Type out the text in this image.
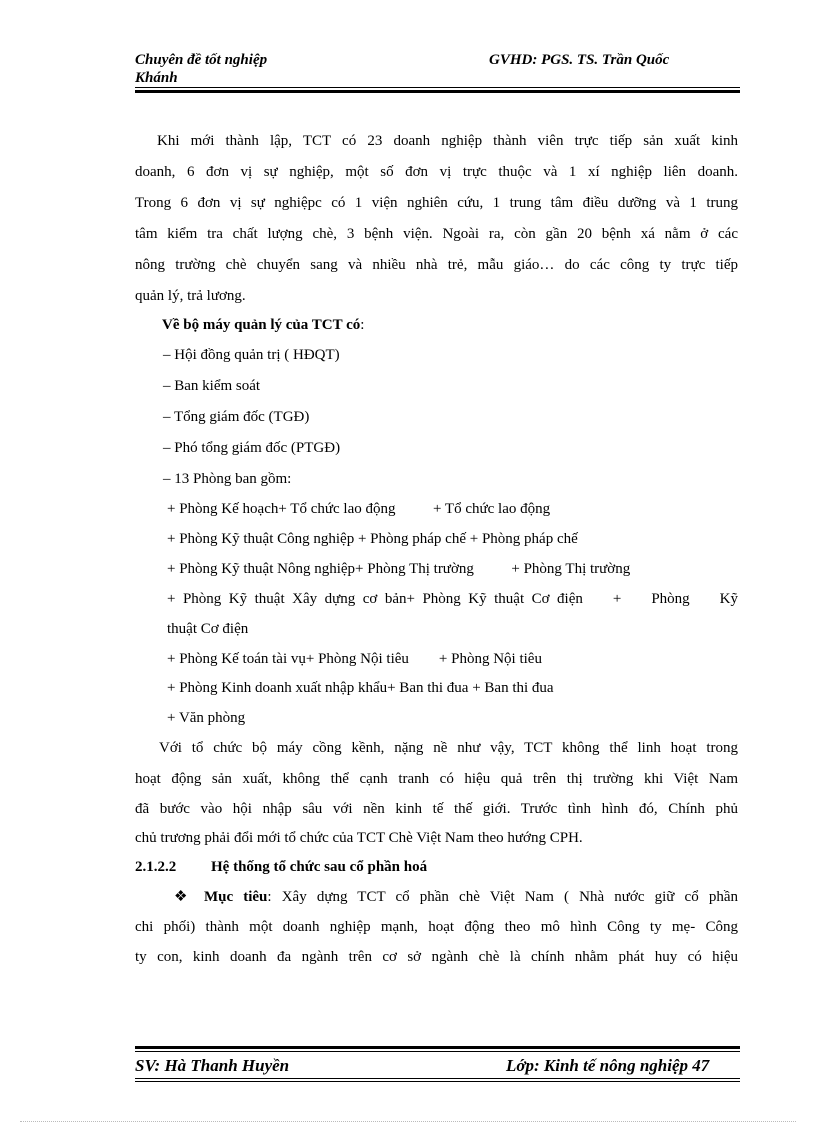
Chuyên đề tốt nghiệp	GVHD: PGS. TS. Trần Quốc
Khánh
Khi mới thành lập, TCT có 23 doanh nghiệp thành viên trực tiếp sản xuất kinh
doanh, 6 đơn vị sự nghiệp, một số đơn vị trực thuộc và 1 xí nghiệp liên doanh.
Trong 6 đơn vị sự nghiệpc có 1 viện nghiên cứu, 1 trung tâm điều dưỡng và 1 trung
tâm kiểm tra chất lượng chè, 3 bệnh viện. Ngoài ra, còn gần 20 bệnh xá nằm ở các
nông trường chè chuyển sang và nhiều nhà trẻ, mẫu giáo… do các công ty trực tiếp
quản lý, trả lương.
Về bộ máy quản lý của TCT có:
– Hội đồng quản trị ( HĐQT)
– Ban kiểm soát
– Tổng giám đốc (TGĐ)
– Phó tổng giám đốc (PTGĐ)
– 13 Phòng ban gồm:
+ Phòng Kế hoạch+ Tổ chức lao động          + Tổ chức lao động
+ Phòng Kỹ thuật Công nghiệp + Phòng pháp chế + Phòng pháp chế
+ Phòng Kỹ thuật Nông nghiệp+ Phòng Thị trường          + Phòng Thị trường
+ Phòng Kỹ thuật Xây dựng cơ bản+ Phòng Kỹ thuật Cơ điện    +    Phòng    Kỹ
thuật Cơ điện
+ Phòng Kế toán tài vụ+ Phòng Nội tiêu        + Phòng Nội tiêu
+ Phòng Kinh doanh xuất nhập khẩu+ Ban thi đua + Ban thi đua
+ Văn phòng
Với tổ chức bộ máy cồng kềnh, nặng nề như vậy, TCT không thể linh hoạt trong
hoạt động sản xuất, không thể cạnh tranh có hiệu quả trên thị trường khi Việt Nam
đã bước vào hội nhập sâu với nền kinh tế thế giới. Trước tình hình đó, Chính phủ
chủ trương phải đổi mới tổ chức của TCT Chè Việt Nam theo hướng CPH.
2.1.2.2 Hệ thống tổ chức sau cổ phần hoá
❖ Mục tiêu: Xây dựng TCT cổ phần chè Việt Nam ( Nhà nước giữ cổ phần
chi phối) thành một doanh nghiệp mạnh, hoạt động theo mô hình Công ty mẹ- Công
ty con, kinh doanh đa ngành trên cơ sở ngành chè là chính nhằm phát huy có hiệu
SV: Hà Thanh Huyền	Lớp: Kinh tế nông nghiệp 47
